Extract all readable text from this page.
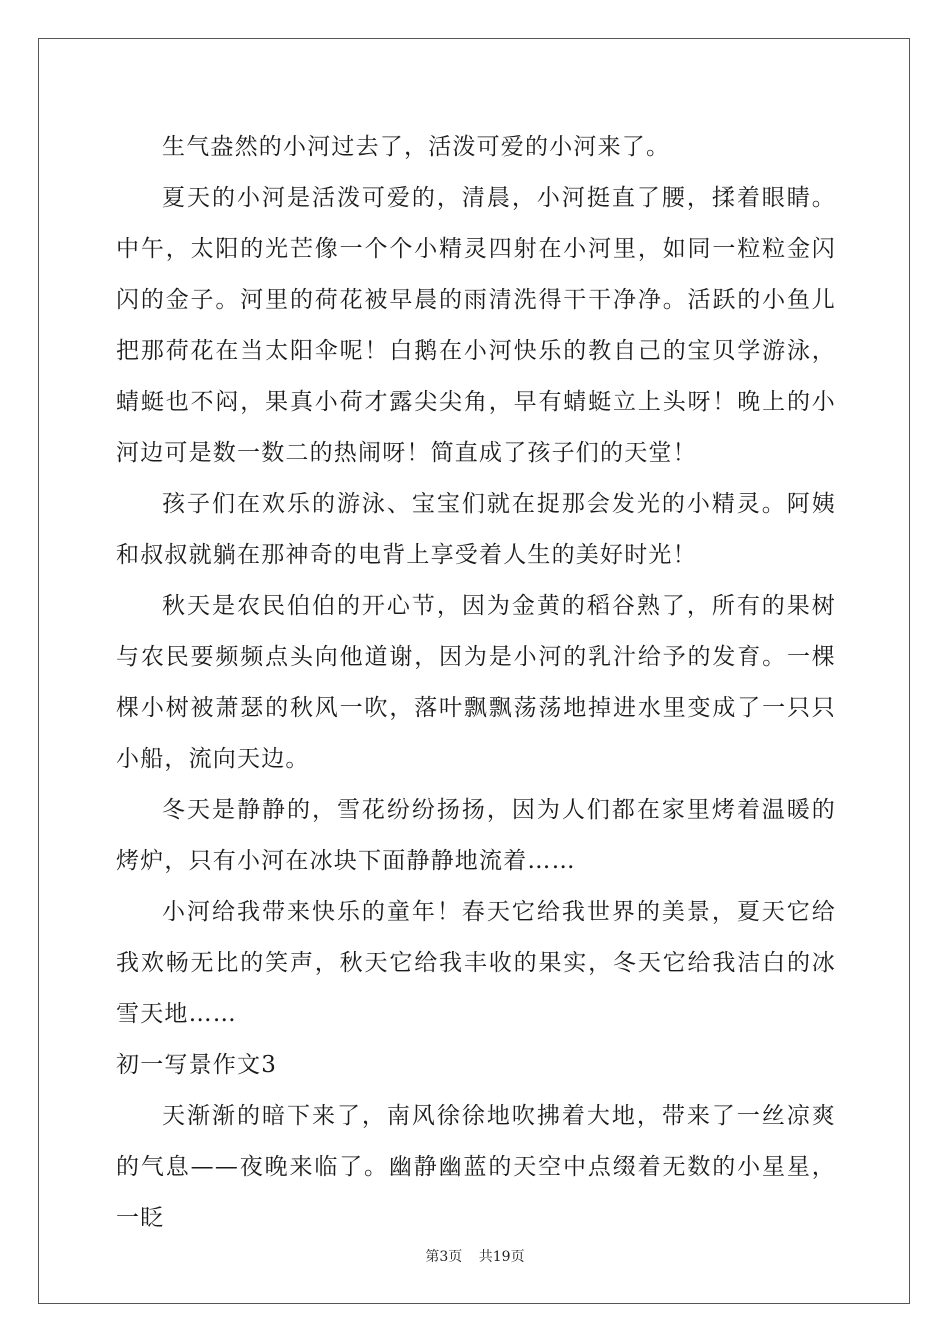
生气盎然的小河过去了，活泼可爱的小河来了。

夏天的小河是活泼可爱的，清晨，小河挺直了腰，揉着眼睛。中午，太阳的光芒像一个个小精灵四射在小河里，如同一粒粒金闪闪的金子。河里的荷花被早晨的雨清洗得干干净净。活跃的小鱼儿把那荷花在当太阳伞呢！白鹅在小河快乐的教自己的宝贝学游泳，蜻蜓也不闷，果真小荷才露尖尖角，早有蜻蜓立上头呀！晚上的小河边可是数一数二的热闹呀！简直成了孩子们的天堂！

孩子们在欢乐的游泳、宝宝们就在捉那会发光的小精灵。阿姨和叔叔就躺在那神奇的电背上享受着人生的美好时光！

秋天是农民伯伯的开心节，因为金黄的稻谷熟了，所有的果树与农民要频频点头向他道谢，因为是小河的乳汁给予的发育。一棵棵小树被萧瑟的秋风一吹，落叶飘飘荡荡地掉进水里变成了一只只小船，流向天边。

冬天是静静的，雪花纷纷扬扬，因为人们都在家里烤着温暖的烤炉，只有小河在冰块下面静静地流着……

小河给我带来快乐的童年！春天它给我世界的美景，夏天它给我欢畅无比的笑声，秋天它给我丰收的果实，冬天它给我洁白的冰雪天地……

初一写景作文3

天渐渐的暗下来了，南风徐徐地吹拂着大地，带来了一丝凉爽的气息——夜晚来临了。幽静幽蓝的天空中点缀着无数的小星星，一眨

第3页 共19页
